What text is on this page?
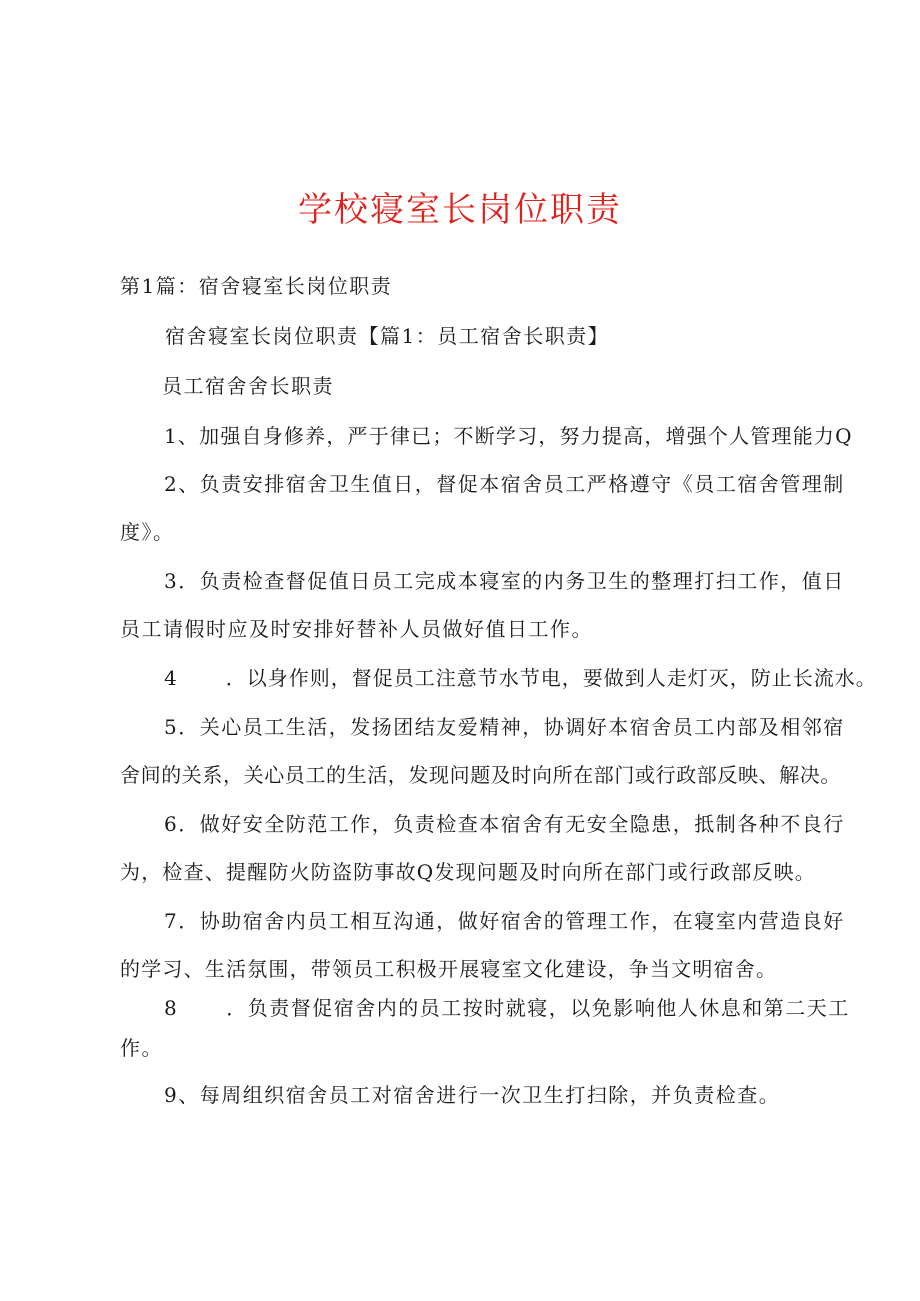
学校寝室长岗位职责
第1篇：宿舍寝室长岗位职责
宿舍寝室长岗位职责【篇1：员工宿舍长职责】
员工宿舍舍长职责
1、加强自身修养，严于律已；不断学习，努力提高，增强个人管理能力Q
2、负责安排宿舍卫生值日，督促本宿舍员工严格遵守《员工宿舍管理制
度》。
3．负责检查督促值日员工完成本寝室的内务卫生的整理打扫工作，值日
员工请假时应及时安排好替补人员做好值日工作。
4 ．以身作则，督促员工注意节水节电，要做到人走灯灭，防止长流水。
5．关心员工生活，发扬团结友爱精神，协调好本宿舍员工内部及相邻宿
舍间的关系，关心员工的生活，发现问题及时向所在部门或行政部反映、解决。
6．做好安全防范工作，负责检查本宿舍有无安全隐患，抵制各种不良行
为，检查、提醒防火防盗防事故Q发现问题及时向所在部门或行政部反映。
7．协助宿舍内员工相互沟通，做好宿舍的管理工作，在寝室内营造良好
的学习、生活氛围，带领员工积极开展寝室文化建设，争当文明宿舍。
8 ．负责督促宿舍内的员工按时就寝，以免影响他人休息和第二天工
作。
9、每周组织宿舍员工对宿舍进行一次卫生打扫除，并负责检查。
